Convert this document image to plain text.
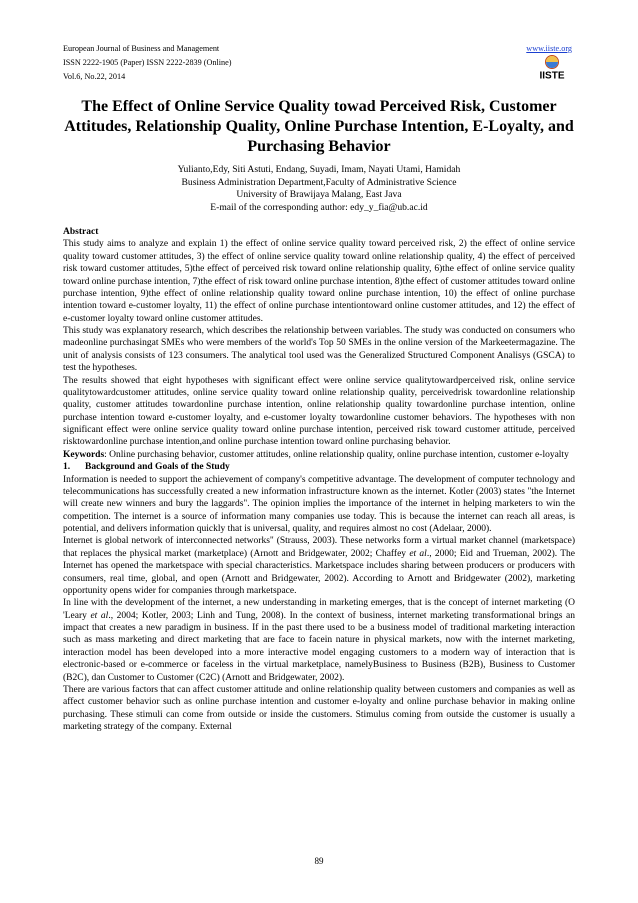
European Journal of Business and Management
ISSN 2222-1905 (Paper) ISSN 2222-2839 (Online)
Vol.6, No.22, 2014
www.iiste.org
IISTE
The Effect of Online Service Quality towad Perceived Risk, Customer Attitudes, Relationship Quality, Online Purchase Intention, E-Loyalty, and Purchasing Behavior
Yulianto,Edy, Siti Astuti, Endang, Suyadi, Imam, Nayati Utami, Hamidah
Business Administration Department,Faculty of Administrative Science
University of Brawijaya Malang, East Java
E-mail of the corresponding author: edy_y_fia@ub.ac.id

Abstract

This study aims to analyze and explain 1) the effect of online service quality toward perceived risk, 2) the effect of online service quality toward customer attitudes, 3) the effect of online service quality toward online relationship quality, 4) the effect of perceived risk toward customer attitudes, 5)the effect of perceived risk toward online relationship quality, 6)the effect of online service quality toward online purchase intention, 7)the effect of risk toward online purchase intention, 8)the effect of customer attitudes toward online purchase intention, 9)the effect of online relationship quality toward online purchase intention, 10) the effect of online purchase intention toward e-customer loyalty, 11) the effect of online purchase intentiontoward online customer attitudes, and 12) the effect of e-customer loyalty toward online customer attitudes.

This study was explanatory research, which describes the relationship between variables. The study was conducted on consumers who madeonline purchasingat SMEs who were members of the world's Top 50 SMEs in the online version of the Markeetermagazine. The unit of analysis consists of 123 consumers. The analytical tool used was the Generalized Structured Component Analisys (GSCA) to test the hypotheses.

The results showed that eight hypotheses with significant effect were online service qualitytowardperceived risk, online service qualitytowardcustomer attitudes, online service quality toward online relationship quality, perceivedrisk towardonline relationship quality, customer attitudes towardonline purchase intention, online relationship quality towardonline purchase intention, online purchase intention toward e-customer loyalty, and e-customer loyalty towardonline customer behaviors. The hypotheses with non significant effect were online service quality toward online purchase intention, perceived risk toward customer attitude, perceived risktowardonline purchase intention,and online purchase intention toward online purchasing behavior.

Keywords: Online purchasing behavior, customer attitudes, online relationship quality, online purchase intention, customer e-loyalty

1. Background and Goals of the Study

Information is needed to support the achievement of company's competitive advantage. The development of computer technology and telecommunications has successfully created a new information infrastructure known as the internet. Kotler (2003) states "the Internet will create new winners and bury the laggards". The opinion implies the importance of the internet in helping marketers to win the competition. The internet is a source of information many companies use today. This is because the internet can reach all areas, is potential, and delivers information quickly that is universal, quality, and requires almost no cost (Adelaar, 2000).

Internet is global network of interconnected networks" (Strauss, 2003). These networks form a virtual market channel (marketspace) that replaces the physical market (marketplace) (Arnott and Bridgewater, 2002; Chaffey et al., 2000; Eid and Trueman, 2002). The Internet has opened the marketspace with special characteristics. Marketspace includes sharing between producers or producers with consumers, real time, global, and open (Arnott and Bridgewater, 2002). According to Arnott and Bridgewater (2002), marketing opportunity opens wider for companies through marketspace.

In line with the development of the internet, a new understanding in marketing emerges, that is the concept of internet marketing (O 'Leary et al., 2004; Kotler, 2003; Linh and Tung, 2008). In the context of business, internet marketing transformational brings an impact that creates a new paradigm in business. If in the past there used to be a business model of traditional marketing interaction such as mass marketing and direct marketing that are face to facein nature in physical markets, now with the internet marketing, interaction model has been developed into a more interactive model engaging customers to a modern way of interaction that is electronic-based or e-commerce or faceless in the virtual marketplace, namelyBusiness to Business (B2B), Business to Customer (B2C), dan Customer to Customer (C2C) (Arnott and Bridgewater, 2002).

There are various factors that can affect customer attitude and online relationship quality between customers and companies as well as affect customer behavior such as online purchase intention and customer e-loyalty and online purchase behavior in making online purchasing. These stimuli can come from outside or inside the customers. Stimulus coming from outside the customer is usually a marketing strategy of the company. External

89
